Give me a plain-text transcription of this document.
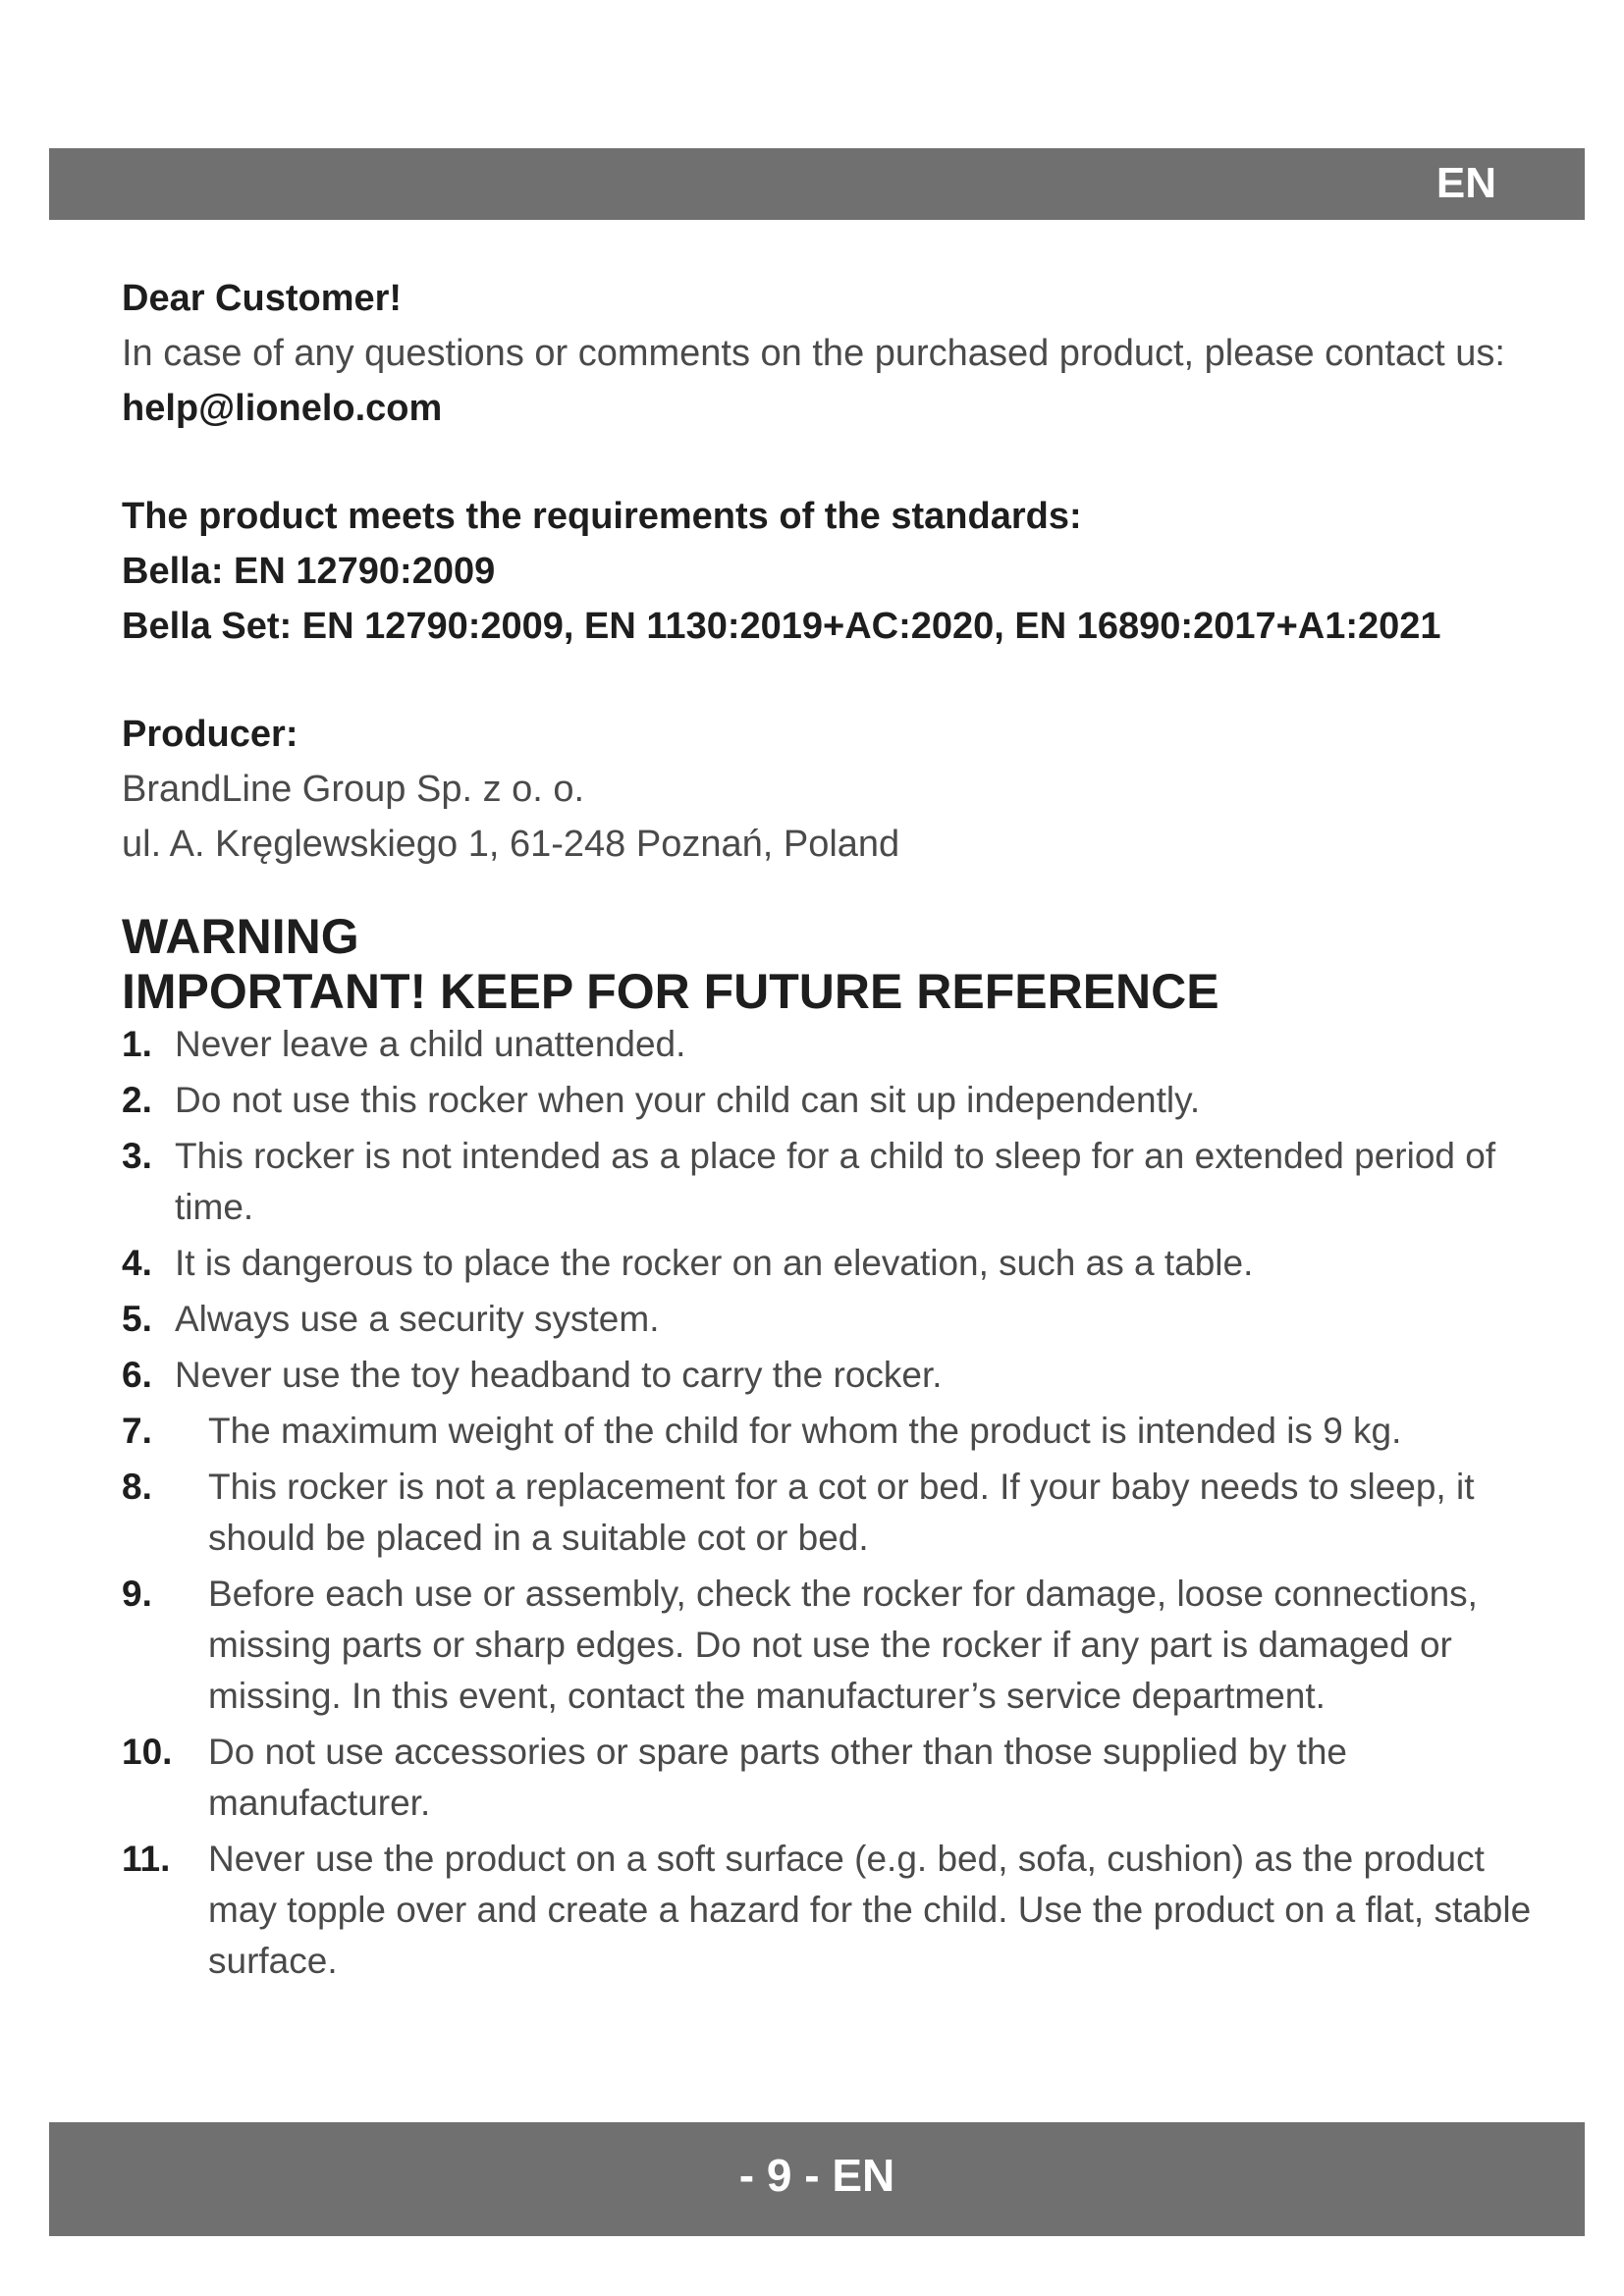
EN

Dear Customer!

In case of any questions or comments on the purchased product, please contact us: help@lionelo.com

The product meets the requirements of the standards:

Bella: EN 12790:2009

Bella Set: EN 12790:2009, EN 1130:2019+AC:2020, EN 16890:2017+A1:2021

Producer:

BrandLine Group Sp. z o. o.

ul. A. Kręglewskiego 1, 61-248 Poznań, Poland

WARNING

IMPORTANT! KEEP FOR FUTURE REFERENCE

1. Never leave a child unattended.
2. Do not use this rocker when your child can sit up independently.
3. This rocker is not intended as a place for a child to sleep for an extended period of time.
4. It is dangerous to place the rocker on an elevation, such as a table.
5. Always use a security system.
6. Never use the toy headband to carry the rocker.
7. The maximum weight of the child for whom the product is intended is 9 kg.
8. This rocker is not a replacement for a cot or bed. If your baby needs to sleep, it should be placed in a suitable cot or bed.
9. Before each use or assembly, check the rocker for damage, loose connections, missing parts or sharp edges. Do not use the rocker if any part is damaged or missing. In this event, contact the manufacturer’s service department.
10. Do not use accessories or spare parts other than those supplied by the manufacturer.
11. Never use the product on a soft surface (e.g. bed, sofa, cushion) as the product may topple over and create a hazard for the child. Use the product on a flat, stable surface.
- 9 - EN
